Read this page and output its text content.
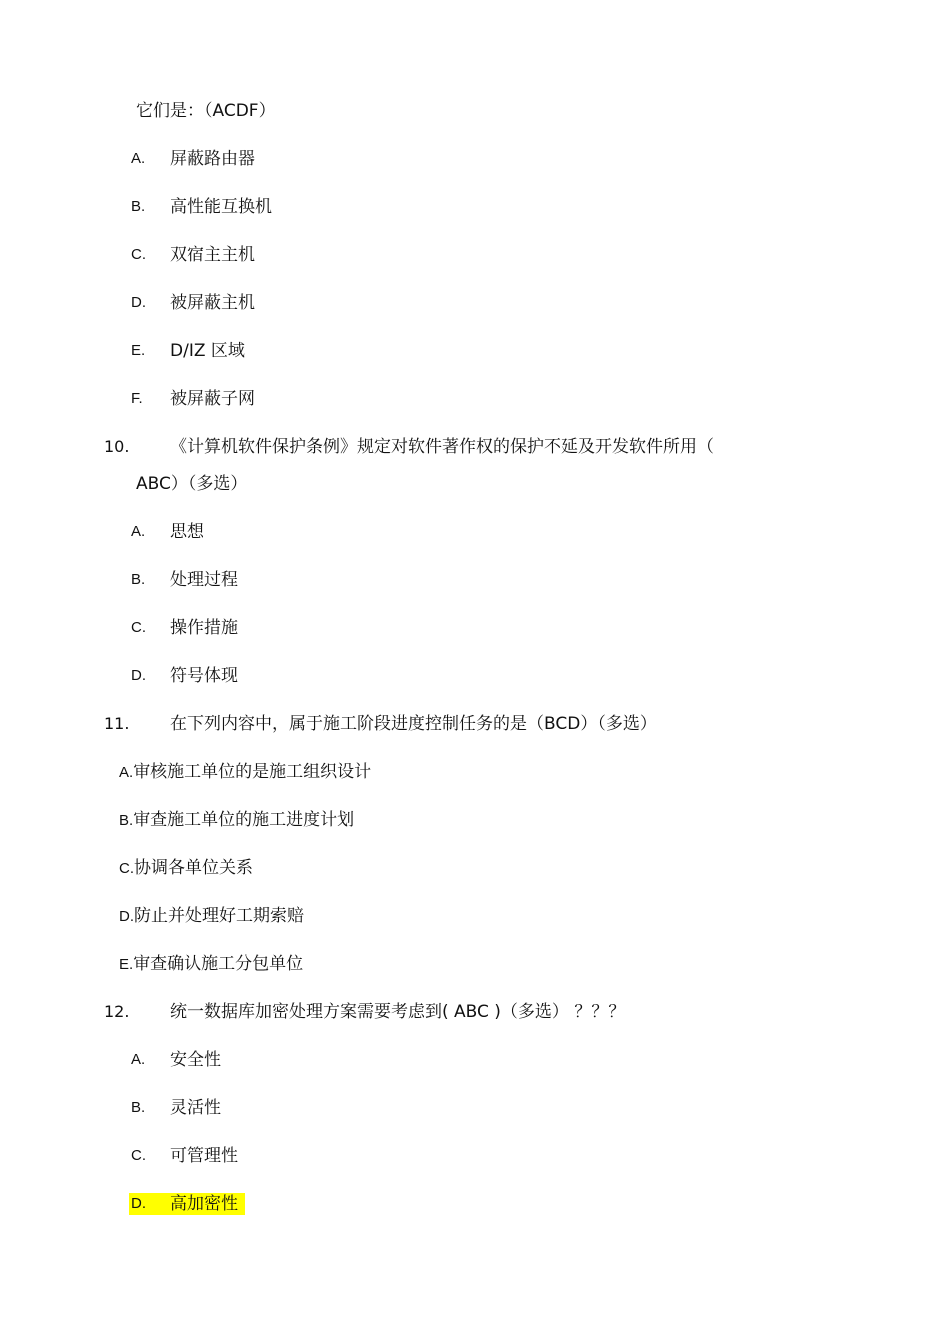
它们是：（ACDF）
A. 屏蔽路由器
B. 高性能互换机
C. 双宿主主机
D. 被屏蔽主机
E. D/IZ 区域
F. 被屏蔽子网
10. 《计算机软件保护条例》规定对软件著作权的保护不延及开发软件所用（
ABC）（多选）
A. 思想
B. 处理过程
C. 操作措施
D. 符号体现
11. 在下列内容中，属于施工阶段进度控制任务的是（BCD）（多选）
A.审核施工单位的是施工组织设计
B.审查施工单位的施工进度计划
C.协调各单位关系
D.防止并处理好工期索赔
E.审查确认施工分包单位
12. 统一数据库加密处理方案需要考虑到( ABC )（多选） ？？？
A. 安全性
B. 灵活性
C. 可管理性
D. 高加密性
